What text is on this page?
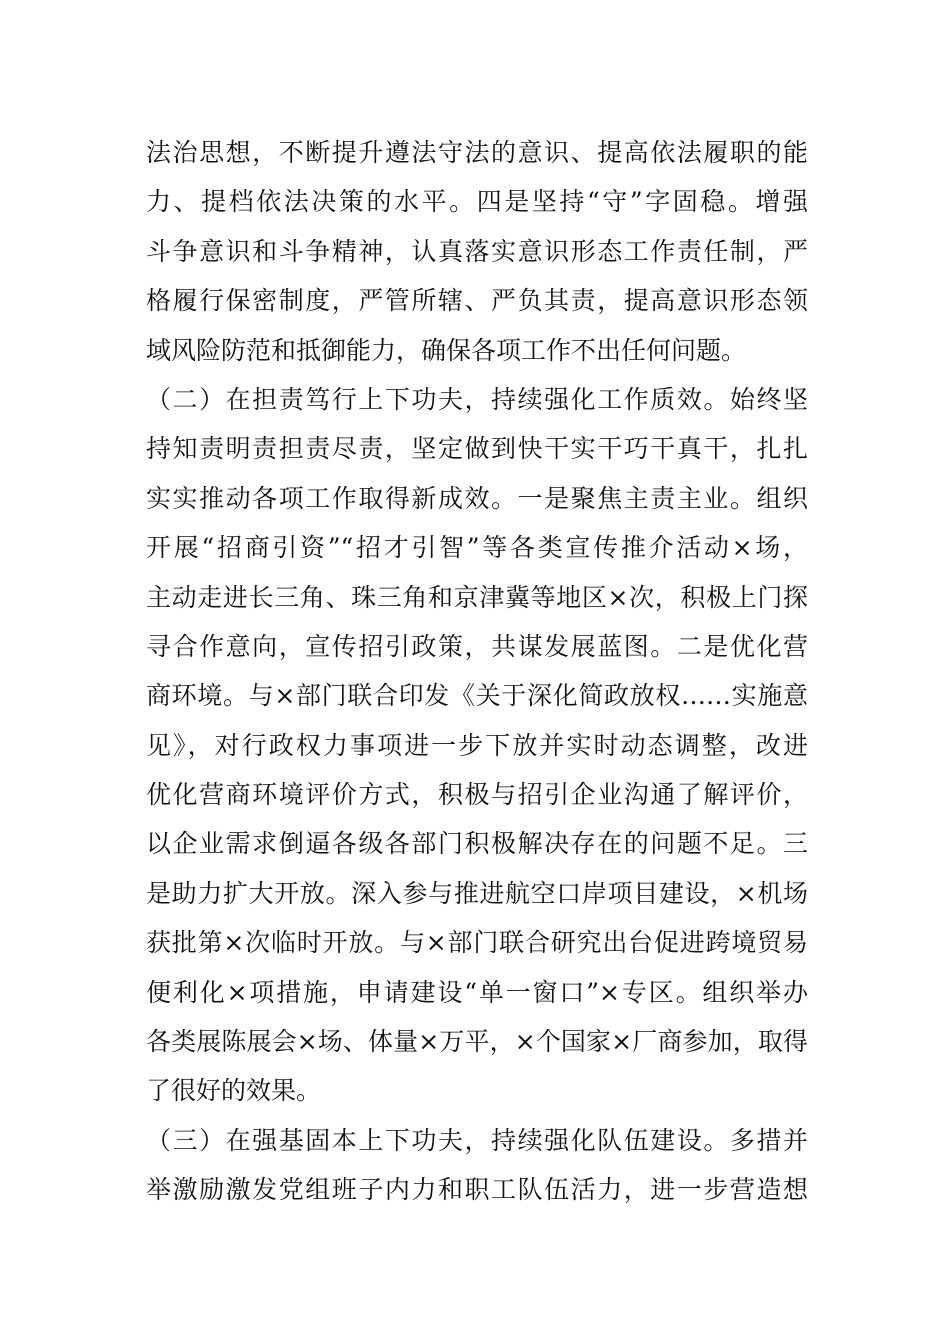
法治思想，不断提升遵法守法的意识、提高依法履职的能
力、提档依法决策的水平。四是坚持“守”字固稳。增强
斗争意识和斗争精神，认真落实意识形态工作责任制，严
格履行保密制度，严管所辖、严负其责，提高意识形态领
域风险防范和抵御能力，确保各项工作不出任何问题。
（二）在担责笃行上下功夫，持续强化工作质效。始终坚
持知责明责担责尽责，坚定做到快干实干巧干真干，扎扎
实实推动各项工作取得新成效。一是聚焦主责主业。组织
开展“招商引资”“招才引智”等各类宣传推介活动×场，
主动走进长三角、珠三角和京津冀等地区×次，积极上门探
寻合作意向，宣传招引政策，共谋发展蓝图。二是优化营
商环境。与×部门联合印发《关于深化简政放权……实施意
见》，对行政权力事项进一步下放并实时动态调整，改进
优化营商环境评价方式，积极与招引企业沟通了解评价，
以企业需求倒逼各级各部门积极解决存在的问题不足。三
是助力扩大开放。深入参与推进航空口岸项目建设，×机场
获批第×次临时开放。与×部门联合研究出台促进跨境贸易
便利化×项措施，申请建设“单一窗口”×专区。组织举办
各类展陈展会×场、体量×万平，×个国家×厂商参加，取得
了很好的效果。
（三）在强基固本上下功夫，持续强化队伍建设。多措并
举激励激发党组班子内力和职工队伍活力，进一步营造想
